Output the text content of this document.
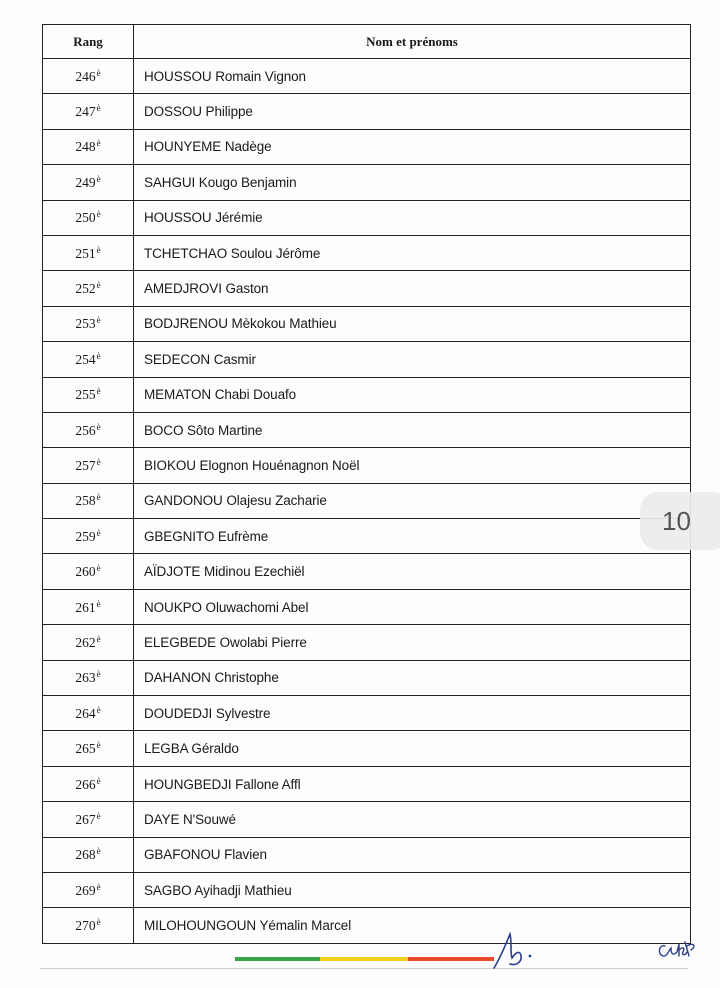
Rang	Nom et prénoms
$246^è$	HOUSSOU Romain Vignon
$247^è$	DOSSOU Philippe
$248^è$	HOUNYEME Nadège
$249^è$	SAHGUI Kougo Benjamin
$250^è$	HOUSSOU Jérémie
$251^è$	TCHETCHAO Soulou Jérôme
$252^è$	AMEDJROVI Gaston
$253^è$	BODJRENOU Mèkokou Mathieu
$254^è$	SEDECON Casmir
$255^è$	MEMATON Chabi Douafo
$256^è$	BOCO Sôto Martine
$257^è$	BIOKOU Elognon Houénagnon Noël
$258^è$	GANDONOU Olajesu Zacharie
$259^è$	GBEGNITO Eufrème
$260^è$	AÏDJOTE Midinou Ezechiël
$261^è$	NOUKPO Oluwachomi Abel
$262^è$	ELEGBEDE Owolabi Pierre
$263^è$	DAHANON Christophe
$264^è$	DOUDEDJI Sylvestre
$265^è$	LEGBA Géraldo
$266^è$	HOUNGBEDJI Fallone Affl
$267^è$	DAYE N'Souwé
$268^è$	GBAFONOU Flavien
$269^è$	SAGBO Ayihadji Mathieu
$270^è$	MILOHOUNGOUN Yémalin Marcel
10
